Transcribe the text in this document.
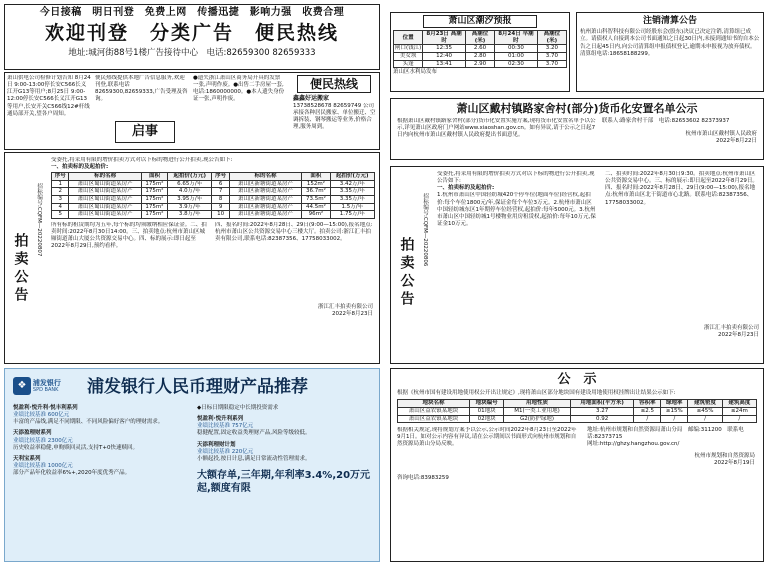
今日接稿　明日刊登　免费上网　传播迅捷　影响力强　收费合理
欢迎刊登　分类广告　便民热线
地址:城河街88号1楼广告接待中心　电话:82659300 82659333
萧山供电公司检修计划告知 8月24日 9:00-13:00停长安C566长义江开G13等用户;8月25日 9:00-12:00停长安C566长义江开G13等用户,长安开关C566线12#杆线通局部开关,望各户周知。
便民热线提供本地广告信息服务,欢迎刊登,联系电话82659300,82659333,广告受理及咨询。
启事
●遗失浙江萧山区商务局开具的发票一张,声明作废。●出售二手房屋一套,电话:1860000000。●本人遗失身份证一张,声明作废。
便民热线
鑫鑫好运搬家
13738528678 82659749 公司承接各种居民搬家、单位搬迁、空调拆装、钢琴搬运等业务,价格合理,服务周到。
拍卖公告
招标编号:CQFM—20220807
受委托,将采用有限的增价拍卖方式对以下标的物进行公开拍卖,现公告如下:
一、拍卖标的及起拍价:
序号	标的名称	面积	起拍价(万元)	序号	标的名称	面积	起拍价(万元)
1	萧山区蜀山街道某房产	175m²	6.65万/年	6	萧山区新塘街道某房产	152m²	3.42万/年
2	萧山区蜀山街道某房产	175m²	4.0万/年	7	萧山区新塘街道某房产	36.7m²	3.35万/年
3	萧山区蜀山街道某房产	175m²	3.95万/年	8	萧山区新塘街道某房产	73.5m²	3.35万/年
4	萧山区蜀山街道某房产	175m²	3.9万/年	9	萧山区新塘街道某房产	44.5m²	1.5万/年
5	萧山区蜀山街道某房产	175m²	3.8万/年	10	萧山区新塘街道某房产	96m²	1.75万/年
所有标的租赁期均为五年,每个标的均须缴纳相应保证金。二、拍卖时间:2022年8月30日14:00。三、拍卖地点:杭州市萧山区城厢街道萧山大厦公共资源交易中心。四、标的展示:即日起至2022年8月29日,预约看样。
四、报名时间:2022年8月28日、29日(9:00—15:00),报名地点:杭州市萧山区公共资源交易中心三楼大厅。拍卖公司:浙江汇丰拍卖有限公司,联系电话:82387356、17758033002。
浙江汇丰拍卖有限公司
2022年8月23日
萧山区潮汐预报
位置	8月23日 高潮时	高潮位(米)	8月24日 早潮时	高潮位(米)
闸口(钱江)	12:35	2.60	00:30	3.20
美女坝	12:40	2.80	01:00	3.70
头蓬	13:41	2.90	02:30	3.70
萧山区水利局发布
注销清算公告
杭州萧山科智科技有限公司经股东会(股东)决议已决定注销,清算组已成立。请债权人自接到本公司书面通知之日起30日内,未接到通知书的自本公告之日起45日内,向公司清算组申报债权登记,逾期未申报视为放弃债权。清算组电话:18658188299。
萧山区戴村镇路家舍村(部分)货币化安置名单公示
根据萧山区戴村镇路家舍村(部分)货币化安置实施方案,现将货币化安置名单予以公示,详见萧山区政府门户网站www.xiaoshan.gov.cn。如有异议,请于公示之日起7日内向杭州市萧山区戴村镇人民政府提出书面意见。
联系人:路家舍村干部　电话:82653602 82373937
杭州市萧山区戴村镇人民政府
2022年8月22日
拍卖公告
招标编号:CQFM—20220806
受委托,将采用有限的增价拍卖方式对以下标的物进行公开拍卖,现公告如下:
一、拍卖标的及起拍价:
1.杭州市萧山区中国轻纺城420个停车位(地面车位)经营权,起拍价:每个车位1800元/年,保证金每个车位3万元。2.杭州市萧山区中国轻纺城东区1年期停车位经营权,起拍价:每年5000元。3.杭州市萧山区中国轻纺城1号楼物业用房租赁权,起拍价:每年10万元,保证金10万元。
二、拍卖时间:2022年8月30日9:30。拍卖地点:杭州市萧山区公共资源交易中心。三、标的展示:即日起至2022年8月29日。四、报名时间:2022年8月28日、29日(9:00—15:00),报名地点:杭州市萧山区北干街道市心北路。联系电话:82387356、17758033002。
浙江汇丰拍卖有限公司
2022年8月23日
❖ 浦发银行
SPD BANK 浦发银行人民币理财产品推荐
悦盈利·悦升利·悦丰利系列
业绩比较基准 600亿元
丰富的产品线,满足不同期限、不同风险偏好客户的理财需求。
天添盈理财系列
业绩比较基准 2300亿元
历史收益率稳健,申购赎回灵活,支持T+0快速赎回。
天利宝系列
业绩比较基准 1000亿元
部分产品年化收益率6%+,2020年度优秀产品。
◆日标日期限稳定中长期投资需求
悦盈利·悦升利系列
业绩比较基准 757亿元
稳健配置,固定收益类理财产品,风险等级较低。
天添利理财计划
业绩比较基准 220亿元
小额起投,按日计息,满足日常流动性管理需求。
大额存单,三年期,年利率3.4%,20万元起,额度有限
公　示
根据《杭州市国有建设用地使用权公开出让规定》,现将萧山区部分地块国有建设用地使用权挂牌出让结果公示如下:
地块名称	地块编号	用地性质	用地面积(平方米)	容积率	绿地率	建筑密度	建筑高度
萧山区益农镇某地块	01地块	M1(一类工业用地)	3.27	≤2.5	≥15%	≤45%	≤24m
萧山区益农镇某地块	02地块	G2(防护绿地)	0.92	/	/	/	/
根据相关规定,现将规划方案予以公示,公示时间2022年8月23日至2022年9月1日。如对公示内容有异议,请在公示期间以书面形式向杭州市规划和自然资源局萧山分局反映。
咨询电话:83983259
地址:杭州市规划和自然资源局萧山分局　邮编:311200　联系电话:82373715
网址:http://ghzy.hangzhou.gov.cn/
杭州市规划和自然资源局
2022年8月19日
